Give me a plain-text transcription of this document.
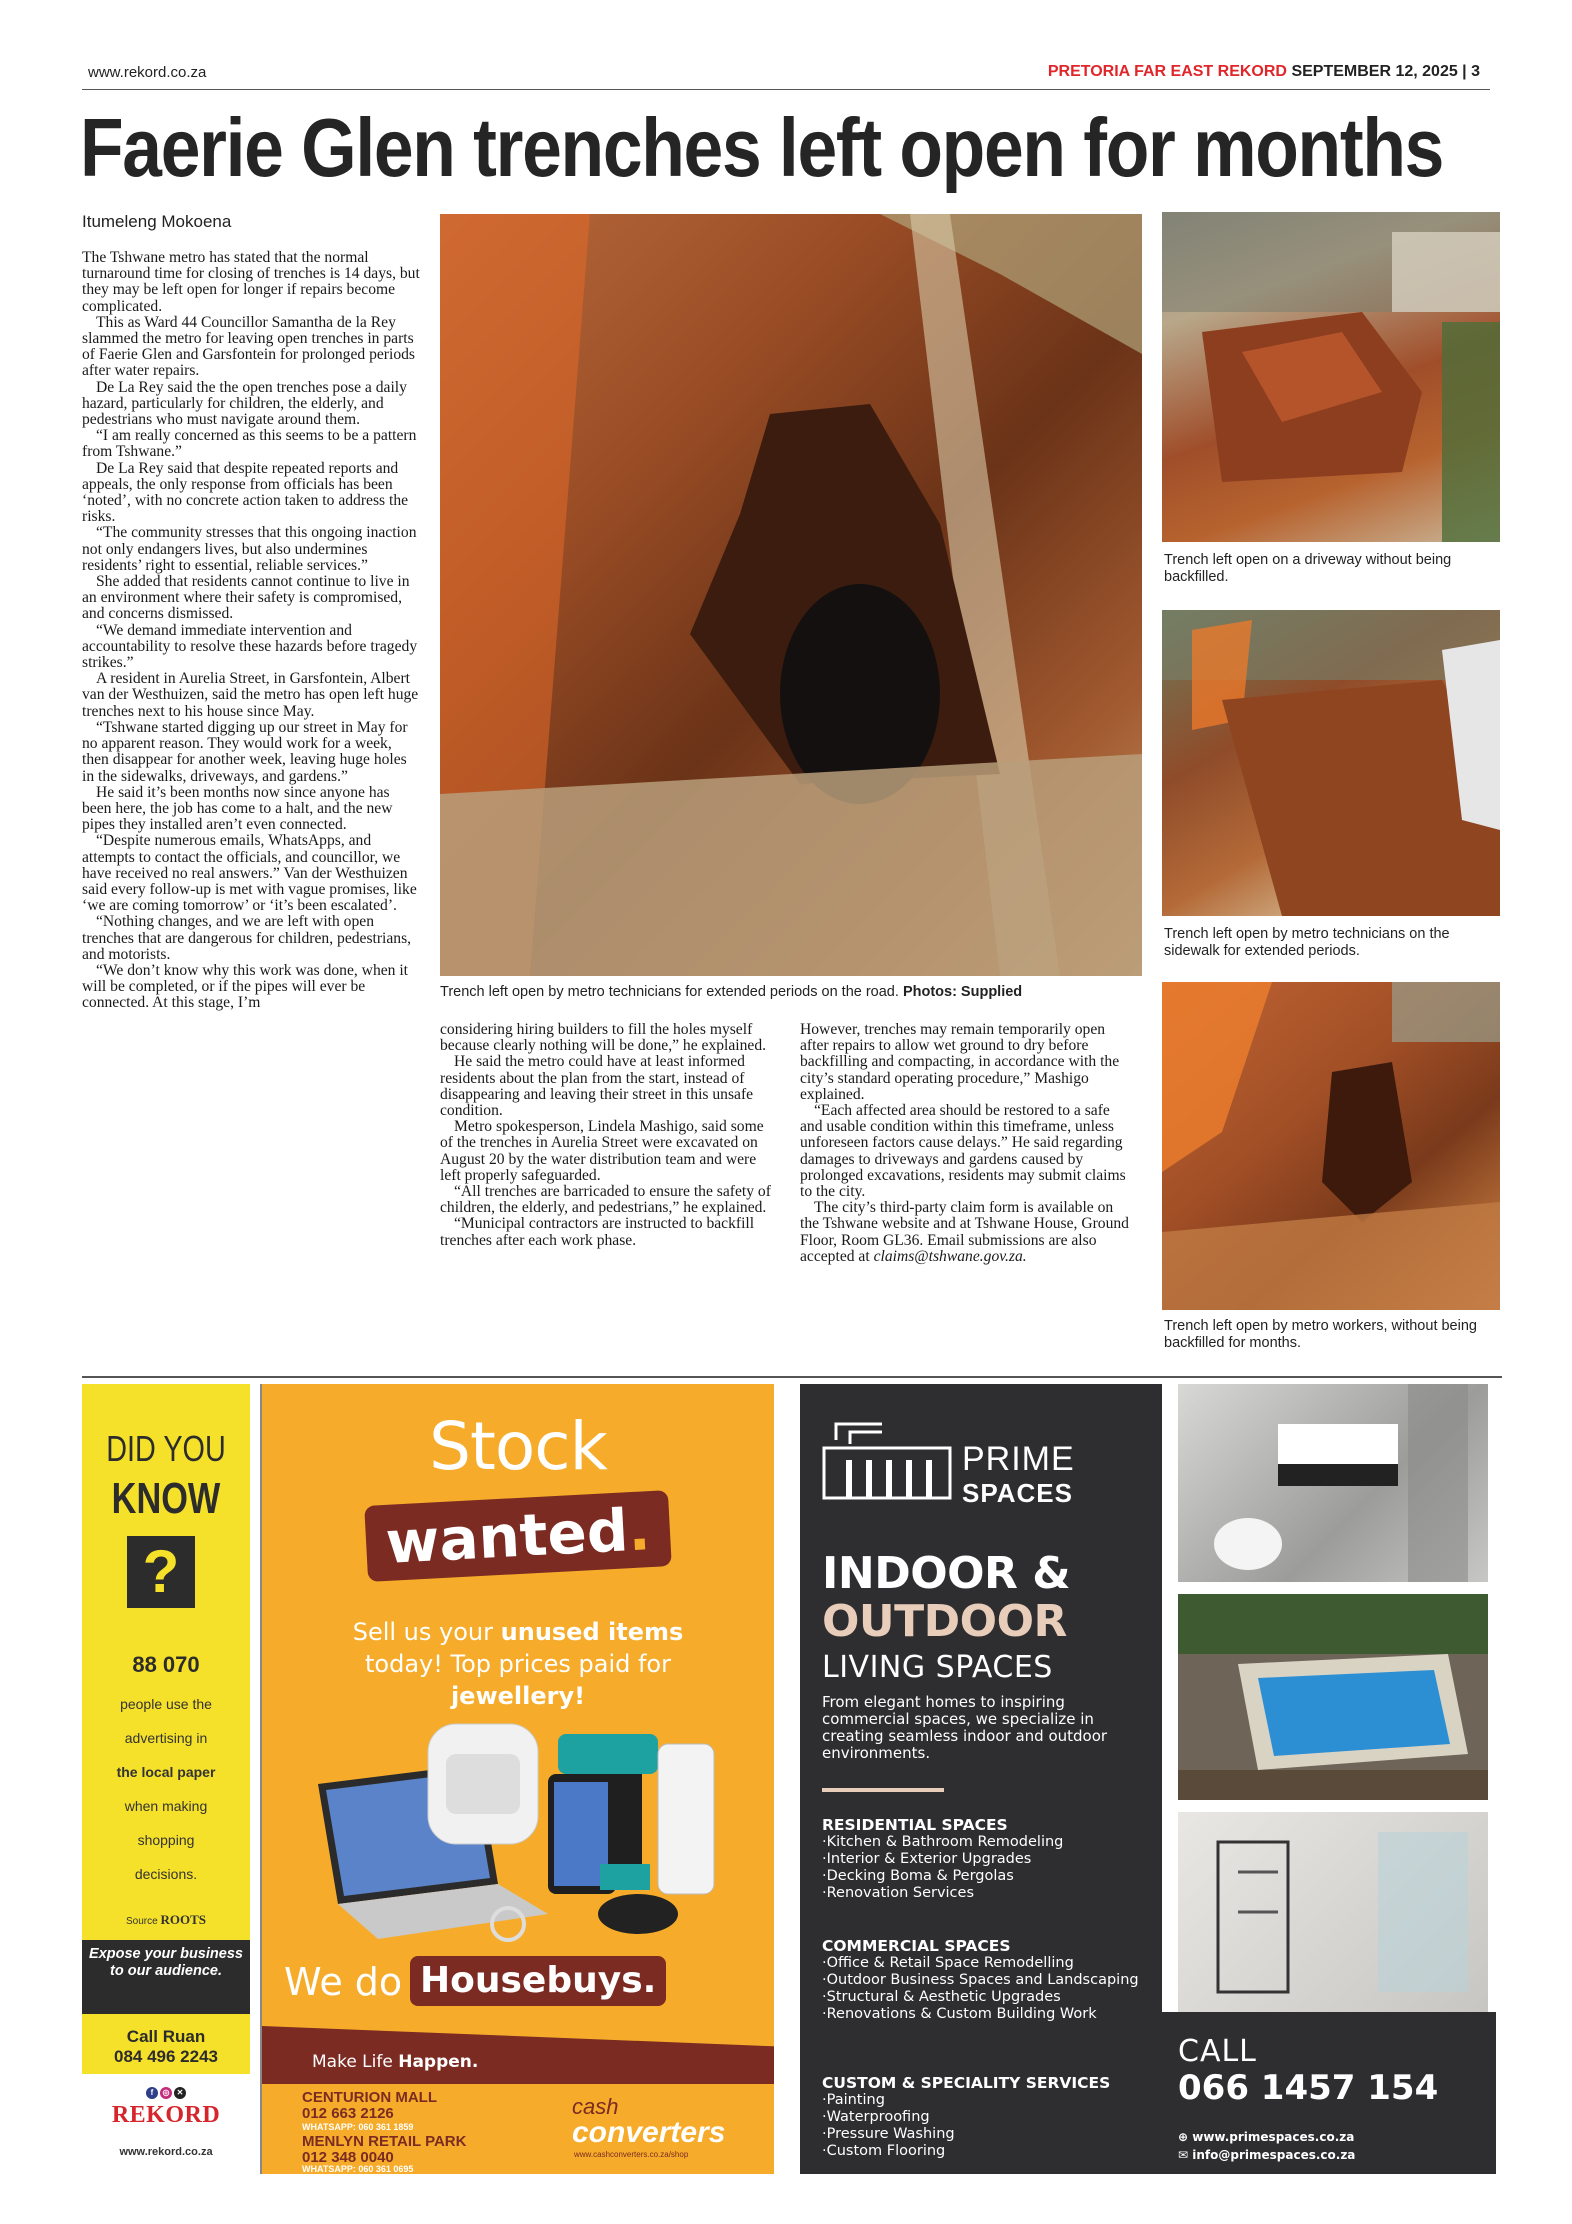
www.rekord.co.za	PRETORIA FAR EAST REKORD SEPTEMBER 12, 2025 | 3
Faerie Glen trenches left open for months
Itumeleng Mokoena

The Tshwane metro has stated that the normal turnaround time for closing of trenches is 14 days, but they may be left open for longer if repairs become complicated.

This as Ward 44 Councillor Samantha de la Rey slammed the metro for leaving open trenches in parts of Faerie Glen and Garsfontein for prolonged periods after water repairs.

De La Rey said the the open trenches pose a daily hazard, particularly for children, the elderly, and pedestrians who must navigate around them.

“I am really concerned as this seems to be a pattern from Tshwane.”

De La Rey said that despite repeated reports and appeals, the only response from officials has been ‘noted’, with no concrete action taken to address the risks.

“The community stresses that this ongoing inaction not only endangers lives, but also undermines residents’ right to essential, reliable services.”

She added that residents cannot continue to live in an environment where their safety is compromised, and concerns dismissed.

“We demand immediate intervention and accountability to resolve these hazards before tragedy strikes.”

A resident in Aurelia Street, in Garsfontein, Albert van der Westhuizen, said the metro has open left huge trenches next to his house since May.

“Tshwane started digging up our street in May for no apparent reason. They would work for a week, then disappear for another week, leaving huge holes in the sidewalks, driveways, and gardens.”

He said it’s been months now since anyone has been here, the job has come to a halt, and the new pipes they installed aren’t even connected.

“Despite numerous emails, WhatsApps, and attempts to contact the officials, and councillor, we have received no real answers.” Van der Westhuizen said every follow-up is met with vague promises, like ‘we are coming tomorrow’ or ‘it’s been escalated’.

“Nothing changes, and we are left with open trenches that are dangerous for children, pedestrians, and motorists.

“We don’t know why this work was done, when it will be completed, or if the pipes will ever be connected. At this stage, I’m

considering hiring builders to fill the holes myself because clearly nothing will be done,” he explained.

He said the metro could have at least informed residents about the plan from the start, instead of disappearing and leaving their street in this unsafe condition.

Metro spokesperson, Lindela Mashigo, said some of the trenches in Aurelia Street were excavated on August 20 by the water distribution team and were left properly safeguarded.

“All trenches are barricaded to ensure the safety of children, the elderly, and pedestrians,” he explained.

“Municipal contractors are instructed to backfill trenches after each work phase.

However, trenches may remain temporarily open after repairs to allow wet ground to dry before backfilling and compacting, in accordance with the city’s standard operating procedure,” Mashigo explained.

“Each affected area should be restored to a safe and usable condition within this timeframe, unless unforeseen factors cause delays.” He said regarding damages to driveways and gardens caused by prolonged excavations, residents may submit claims to the city.

The city’s third-party claim form is available on the Tshwane website and at Tshwane House, Ground Floor, Room GL36. Email submissions are also accepted at claims@tshwane.gov.za.

Trench left open by metro technicians for extended periods on the road. Photos: Supplied
Trench left open on a driveway without being backfilled.
Trench left open by metro technicians on the sidewalk for extended periods.
Trench left open by metro workers, without being backfilled for months.
DID YOU
KNOW
?
88 070
people use the
advertising in
the local paper
when making
shopping
decisions.
Source ROOTS
Expose your business to our audience.
Call Ruan
084 496 2243
f ◎ ✕
REKORD
www.rekord.co.za
Stock
wanted.
Sell us your unused items
today! Top prices paid for
jewellery!
We do Housebuys.
Make Life Happen.
CENTURION MALL
012 663 2126
WHATSAPP: 060 361 1859
MENLYN RETAIL PARK
012 348 0040
WHATSAPP: 060 361 0695
cash
converters
www.cashconverters.co.za/shop
PRIME
SPACES
INDOOR &
OUTDOOR
LIVING SPACES
From elegant homes to inspiring commercial spaces, we specialize in creating seamless indoor and outdoor environments.
RESIDENTIAL SPACES
· Kitchen & Bathroom Remodeling
· Interior & Exterior Upgrades
· Decking Boma & Pergolas
· Renovation Services
COMMERCIAL SPACES
· Office & Retail Space Remodelling
· Outdoor Business Spaces and Landscaping
· Structural & Aesthetic Upgrades
· Renovations & Custom Building Work
CUSTOM & SPECIALITY SERVICES
· Painting
· Waterproofing
· Pressure Washing
· Custom Flooring
CALL
066 1457 154
⊕ www.primespaces.co.za
✉ info@primespaces.co.za
